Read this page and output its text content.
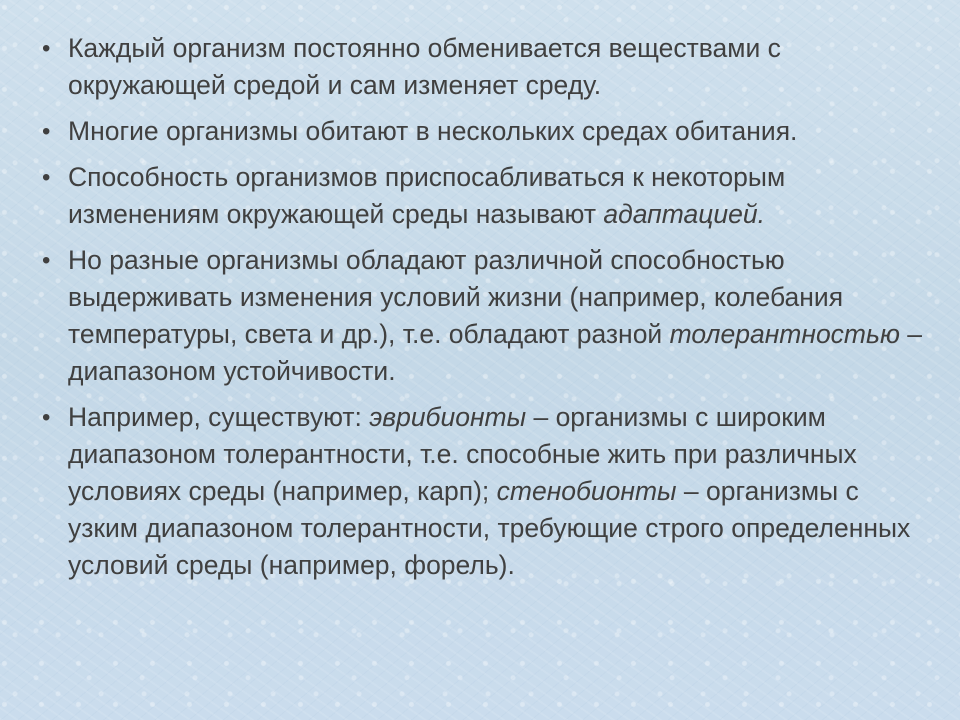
• Каждый организм постоянно обменивается веществами с окружающей средой и сам изменяет среду.
• Многие организмы обитают в нескольких средах обитания.
• Способность организмов приспосабливаться к некоторым изменениям окружающей среды называют адаптацией.
• Но разные организмы обладают различной способностью выдерживать изменения условий жизни (например, колебания температуры, света и др.), т.е. обладают разной толерантностью – диапазоном устойчивости.
• Например, существуют: эврибионты – организмы с широким диапазоном толерантности, т.е. способные жить при различных условиях среды (например, карп); стенобионты – организмы с узким диапазоном толерантности, требующие строго определенных условий среды (например, форель).
